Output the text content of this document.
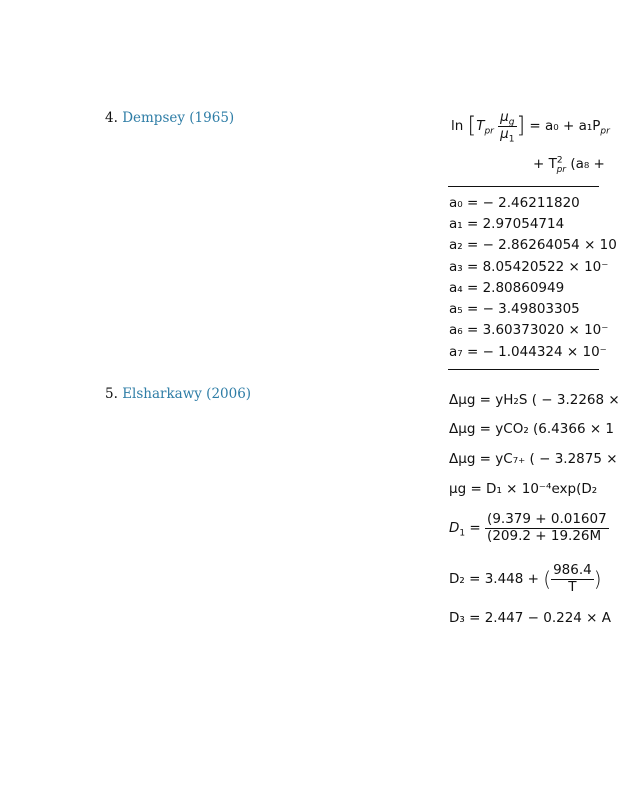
4. Dempsey (1965)
5. Elsharkawy (2006)
$\ln [T_{pr} \frac{\mu_g}{\mu_1}$ ] = $a_0 + a_1P_{pr}$
+ $T^2_{pr}$ (a₈ +
a₀ = − 2.46211820
a₁ = 2.97054714
a₂ = − 2.86264054 × 10
a₃ = 8.05420522 × 10⁻
a₄ = 2.80860949
a₅ = − 3.49803305
a₆ = 3.60373020 × 10⁻
a₇ = − 1.044324 × 10⁻
Δμg = yH₂S ( − 3.2268 ×
Δμg = yCO₂ (6.4366 × 1
Δμg = yC₇₊ ( − 3.2875 ×
μg = D₁ × 10⁻⁴exp(D₂
$D_1 = \frac{(9.379 + 0.01607}{(209.2 + 19.26M}$
D₂ = 3.448 + ( $\frac{986.4}{T}$ )
D₃ = 2.447 − 0.224 × A
